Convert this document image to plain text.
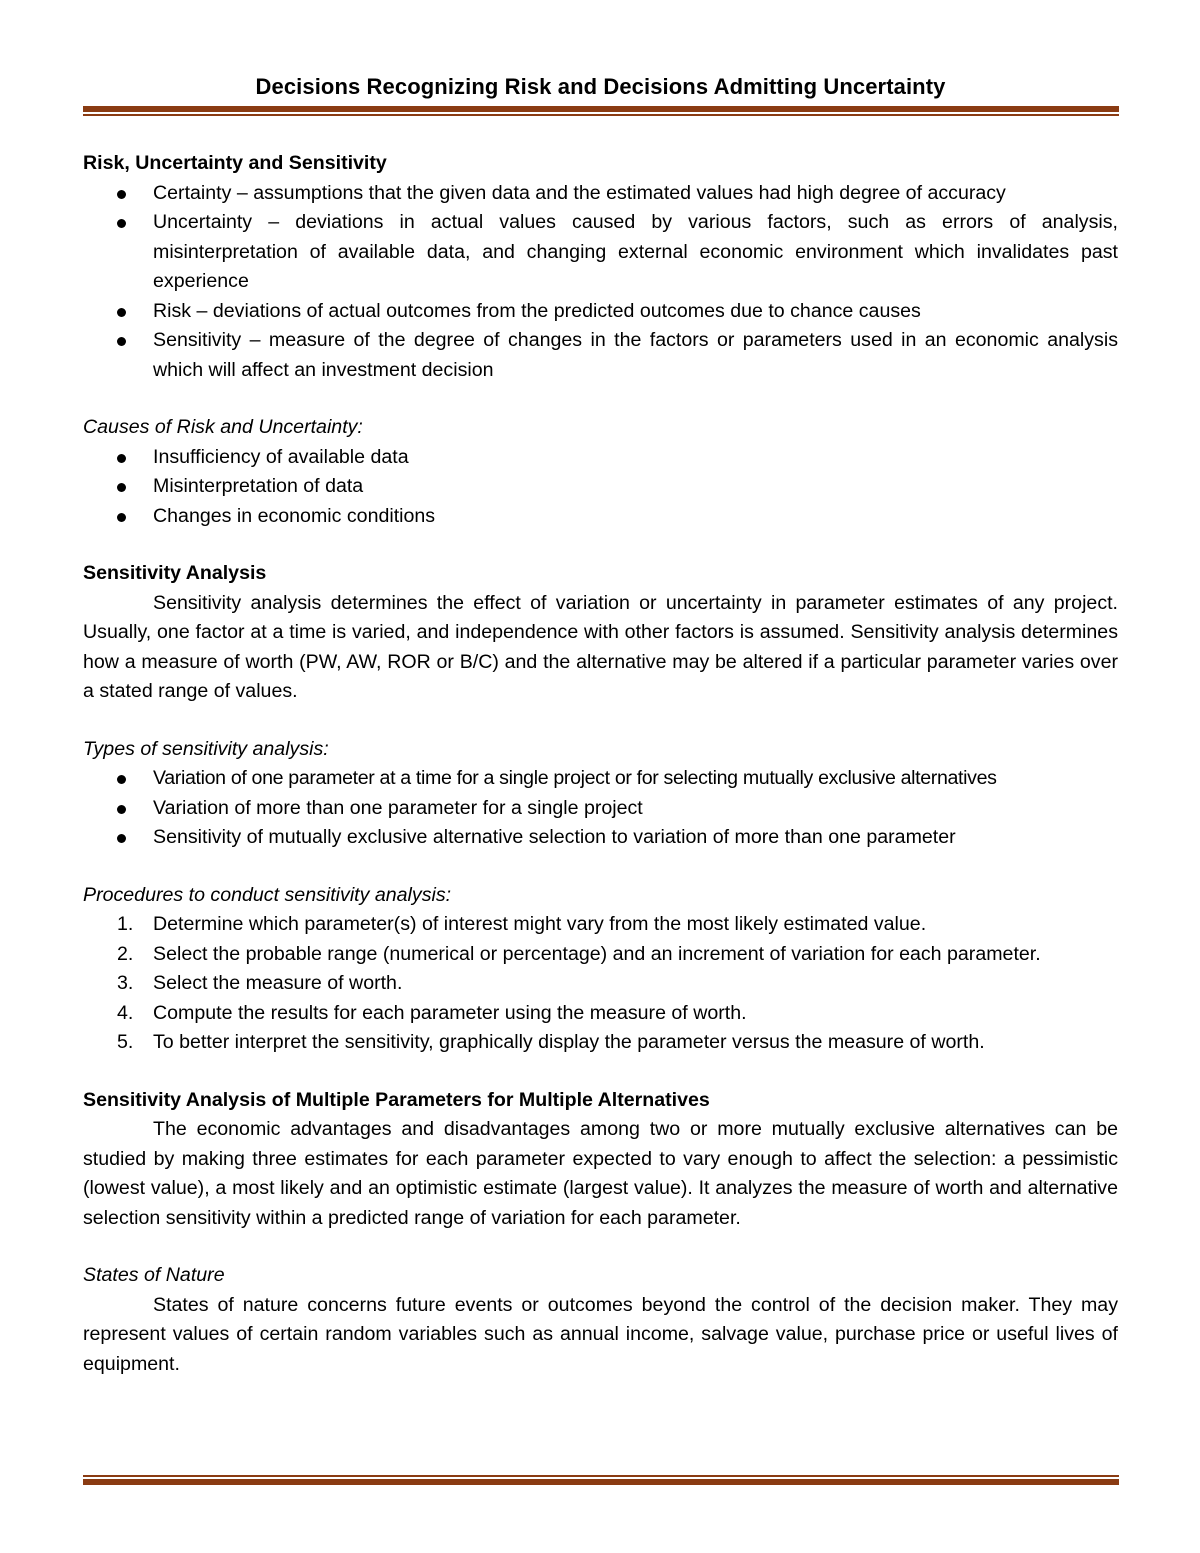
Decisions Recognizing Risk and Decisions Admitting Uncertainty

Risk, Uncertainty and Sensitivity

Certainty – assumptions that the given data and the estimated values had high degree of accuracy
Uncertainty – deviations in actual values caused by various factors, such as errors of analysis, misinterpretation of available data, and changing external economic environment which invalidates past experience
Risk – deviations of actual outcomes from the predicted outcomes due to chance causes
Sensitivity – measure of the degree of changes in the factors or parameters used in an economic analysis which will affect an investment decision

Causes of Risk and Uncertainty:

Insufficiency of available data
Misinterpretation of data
Changes in economic conditions

Sensitivity Analysis

Sensitivity analysis determines the effect of variation or uncertainty in parameter estimates of any project. Usually, one factor at a time is varied, and independence with other factors is assumed. Sensitivity analysis determines how a measure of worth (PW, AW, ROR or B/C) and the alternative may be altered if a particular parameter varies over a stated range of values.

Types of sensitivity analysis:

Variation of one parameter at a time for a single project or for selecting mutually exclusive alternatives
Variation of more than one parameter for a single project
Sensitivity of mutually exclusive alternative selection to variation of more than one parameter

Procedures to conduct sensitivity analysis:

1. Determine which parameter(s) of interest might vary from the most likely estimated value.
2. Select the probable range (numerical or percentage) and an increment of variation for each parameter.
3. Select the measure of worth.
4. Compute the results for each parameter using the measure of worth.
5. To better interpret the sensitivity, graphically display the parameter versus the measure of worth.

Sensitivity Analysis of Multiple Parameters for Multiple Alternatives

The economic advantages and disadvantages among two or more mutually exclusive alternatives can be studied by making three estimates for each parameter expected to vary enough to affect the selection: a pessimistic (lowest value), a most likely and an optimistic estimate (largest value). It analyzes the measure of worth and alternative selection sensitivity within a predicted range of variation for each parameter.

States of Nature

States of nature concerns future events or outcomes beyond the control of the decision maker. They may represent values of certain random variables such as annual income, salvage value, purchase price or useful lives of equipment.
